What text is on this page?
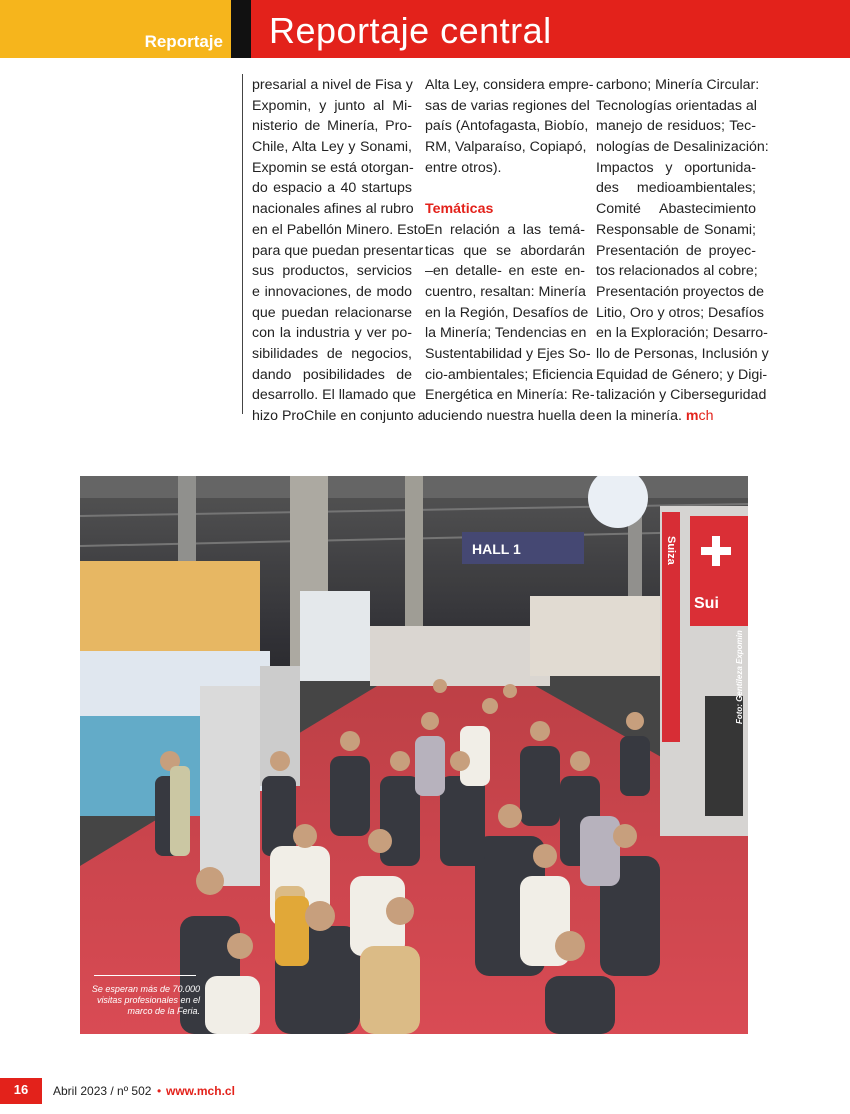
Reportaje Reportaje central
presarial a nivel de Fisa y
Expomin, y junto al Mi-
nisterio de Minería, Pro-
Chile, Alta Ley y Sonami,
Expomin se está otorgan-
do espacio a 40 startups
nacionales afines al rubro
en el Pabellón Minero. Esto
para que puedan presentar
sus productos, servicios
e innovaciones, de modo
que puedan relacionarse
con la industria y ver po-
sibilidades de negocios,
dando posibilidades de
desarrollo. El llamado que
hizo ProChile en conjunto a
Alta Ley, considera empre-
sas de varias regiones del
país (Antofagasta, Biobío,
RM, Valparaíso, Copiapó,
entre otros).
Temáticas
En relación a las temá-
ticas que se abordarán
–en detalle- en este en-
cuentro, resaltan: Minería
en la Región, Desafíos de
la Minería; Tendencias en
Sustentabilidad y Ejes So-
cio-ambientales; Eficiencia
Energética en Minería: Re-
duciendo nuestra huella de
carbono; Minería Circular:
Tecnologías orientadas al
manejo de residuos; Tec-
nologías de Desalinización:
Impactos y oportunida-
des medioambientales;
Comité Abastecimiento
Responsable de Sonami;
Presentación de proyec-
tos relacionados al cobre;
Presentación proyectos de
Litio, Oro y otros; Desafíos
en la Exploración; Desarro-
llo de Personas, Inclusión y
Equidad de Género; y Digi-
talización y Ciberseguridad
en la minería. mch
HALL 1
Sui
Suiza
Foto: Gentileza Expomin
Se esperan más de 70.000
visitas profesionales en el
marco de la Feria.
16	Abril 2023 / nº 502 • www.mch.cl
